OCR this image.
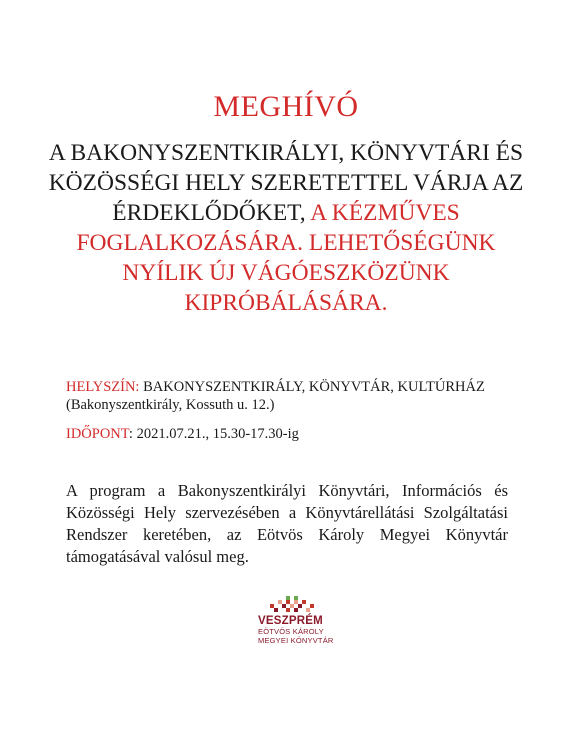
MEGHÍVÓ
A BAKONYSZENTKIRÁLYI, KÖNYVTÁRI ÉS KÖZÖSSÉGI HELY SZERETETTEL VÁRJA AZ ÉRDEKLŐDŐKET, A KÉZMŰVES FOGLALKOZÁSÁRA. LEHETŐSÉGÜNK NYÍLIK ÚJ VÁGÓESZKÖZÜNK KIPRÓBÁLÁSÁRA.
HELYSZÍN: BAKONYSZENTKIRÁLY, KÖNYVTÁR, KULTÚRHÁZ
(Bakonyszentkirály, Kossuth u. 12.)
IDŐPONT: 2021.07.21., 15.30-17.30-ig
A program a Bakonyszentkirályi Könyvtári, Információs és Közösségi Hely szervezésében a Könyvtárellátási Szolgáltatási Rendszer keretében, az Eötvös Károly Megyei Könyvtár támogatásával valósul meg.
VESZPRÉM
EÖTVÖS KÁROLY
MEGYEI KÖNYVTÁR
